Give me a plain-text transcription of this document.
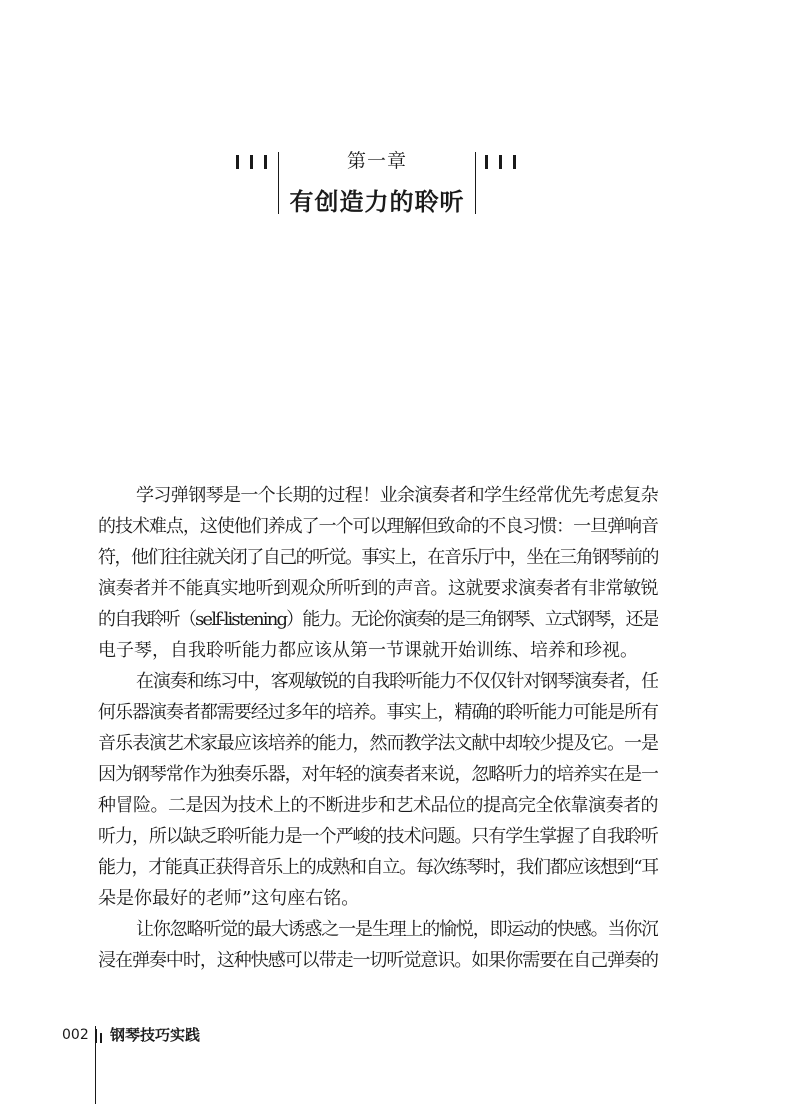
第一章
有创造力的聆听
学习弹钢琴是一个长期的过程！业余演奏者和学生经常优先考虑复杂
的技术难点，这使他们养成了一个可以理解但致命的不良习惯：一旦弹响音
符，他们往往就关闭了自己的听觉。事实上，在音乐厅中，坐在三角钢琴前的
演奏者并不能真实地听到观众所听到的声音。这就要求演奏者有非常敏锐
的自我聆听（self-listening）能力。无论你演奏的是三角钢琴、立式钢琴，还是
电子琴，自我聆听能力都应该从第一节课就开始训练、培养和珍视。
在演奏和练习中，客观敏锐的自我聆听能力不仅仅针对钢琴演奏者，任
何乐器演奏者都需要经过多年的培养。事实上，精确的聆听能力可能是所有
音乐表演艺术家最应该培养的能力，然而教学法文献中却较少提及它。一是
因为钢琴常作为独奏乐器，对年轻的演奏者来说，忽略听力的培养实在是一
种冒险。二是因为技术上的不断进步和艺术品位的提高完全依靠演奏者的
听力，所以缺乏聆听能力是一个严峻的技术问题。只有学生掌握了自我聆听
能力，才能真正获得音乐上的成熟和自立。每次练琴时，我们都应该想到“耳
朵是你最好的老师”这句座右铭。
让你忽略听觉的最大诱惑之一是生理上的愉悦，即运动的快感。当你沉
浸在弹奏中时，这种快感可以带走一切听觉意识。如果你需要在自己弹奏的
002 钢琴技巧实践
